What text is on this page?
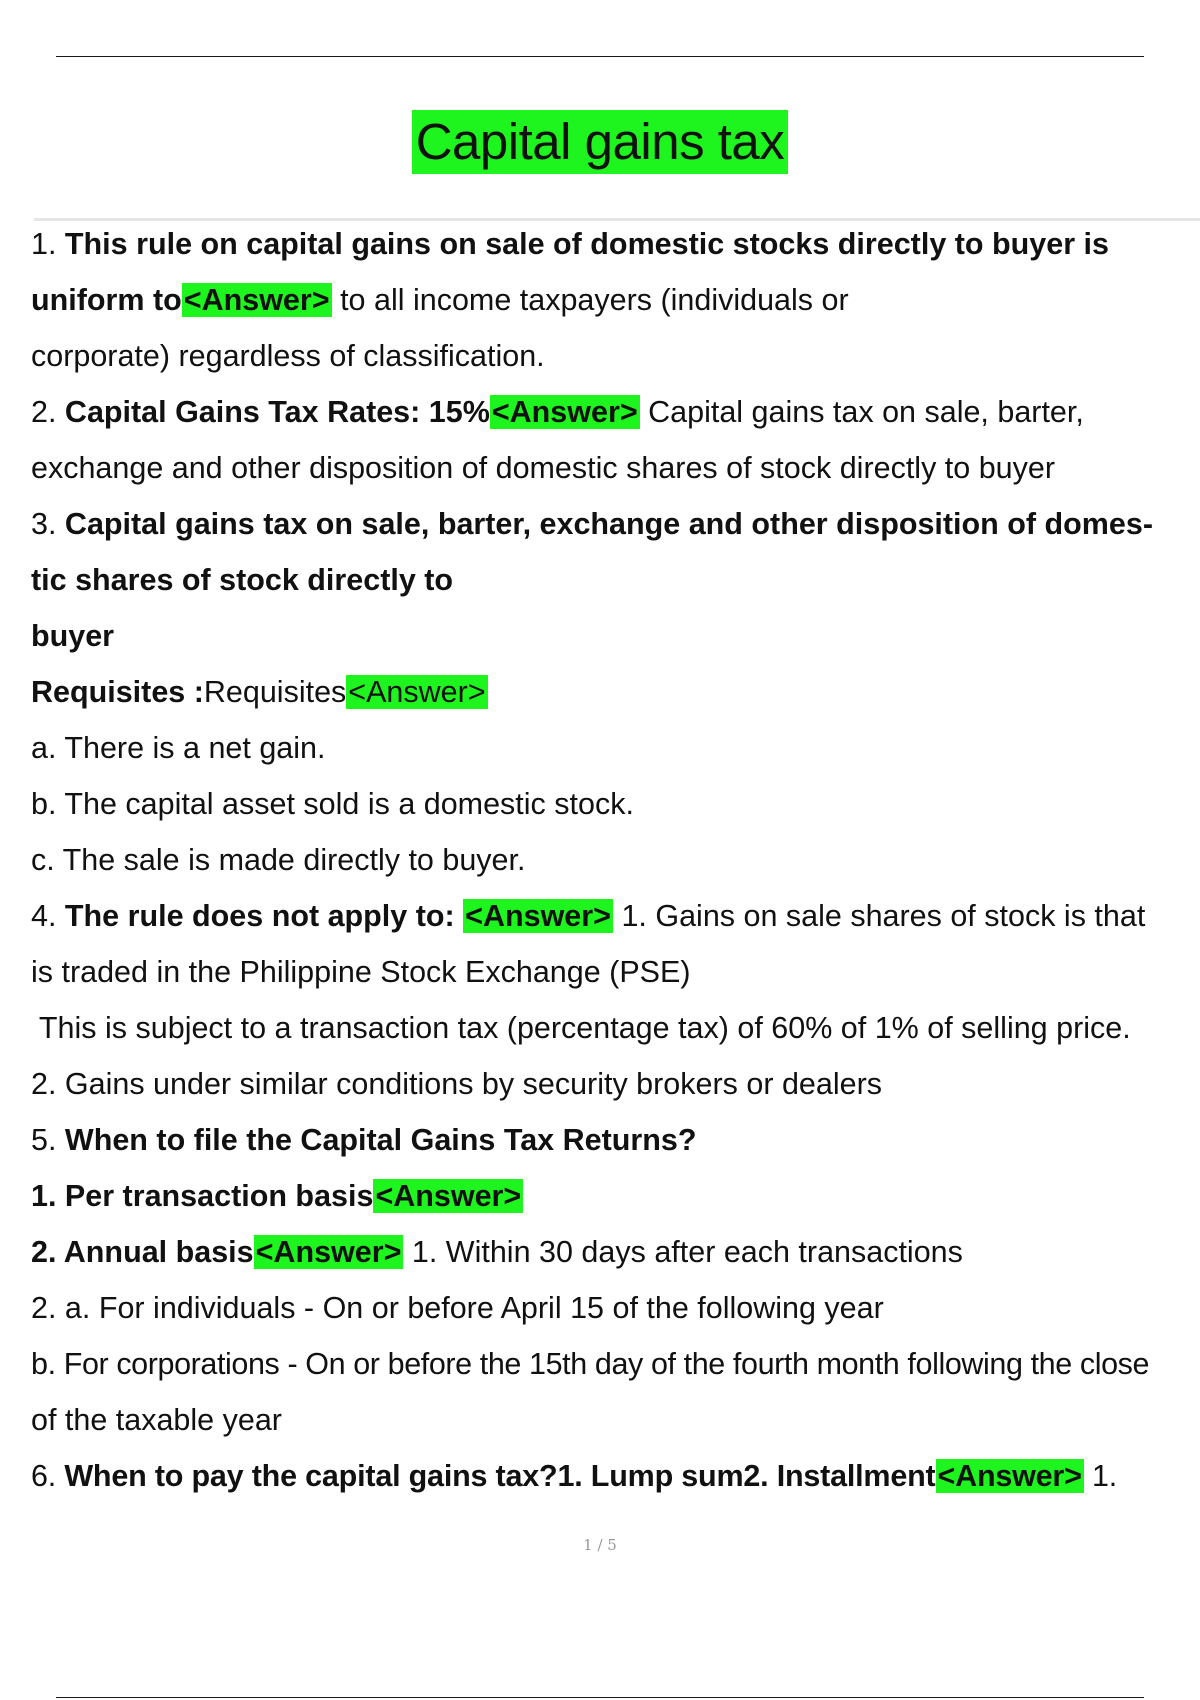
Capital gains tax
1. This rule on capital gains on sale of domestic stocks directly to buyer is
uniform to<Answer> to all income taxpayers (individuals or
corporate) regardless of classification.
2. Capital Gains Tax Rates: 15%<Answer> Capital gains tax on sale, barter,
exchange and other disposition of domestic shares of stock directly to buyer
3. Capital gains tax on sale, barter, exchange and other disposition of domes-
tic shares of stock directly to
buyer
Requisites :Requisites<Answer>
a. There is a net gain.
b. The capital asset sold is a domestic stock.
c. The sale is made directly to buyer.
4. The rule does not apply to: <Answer> 1. Gains on sale shares of stock is that
is traded in the Philippine Stock Exchange (PSE)
This is subject to a transaction tax (percentage tax) of 60% of 1% of selling price.
2. Gains under similar conditions by security brokers or dealers
5. When to file the Capital Gains Tax Returns?
1. Per transaction basis<Answer>
2. Annual basis<Answer> 1. Within 30 days after each transactions
2. a. For individuals - On or before April 15 of the following year
b. For corporations - On or before the 15th day of the fourth month following the close
of the taxable year
6. When to pay the capital gains tax?1. Lump sum2. Installment<Answer> 1.
1 / 5
